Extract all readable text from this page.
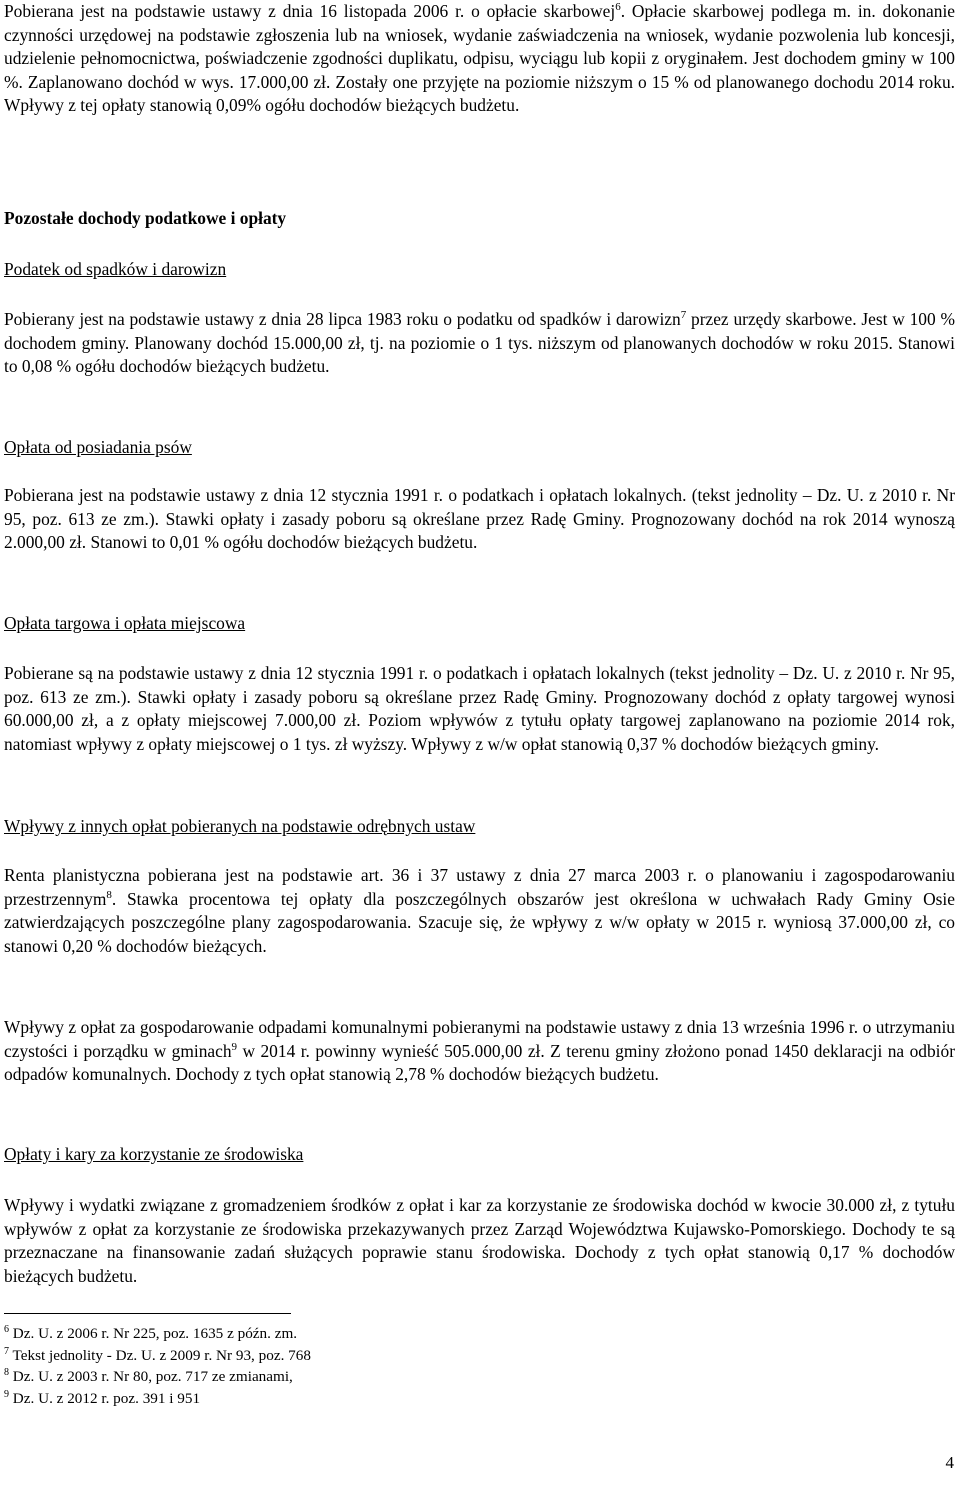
Pobierana jest na podstawie ustawy z dnia 16 listopada 2006 r. o opłacie skarbowej$^6$. Opłacie skarbowej podlega m. in. dokonanie czynności urzędowej na podstawie zgłoszenia lub na wniosek, wydanie zaświadczenia na wniosek, wydanie pozwolenia lub koncesji, udzielenie pełnomocnictwa, poświadczenie zgodności duplikatu, odpisu, wyciągu lub kopii z oryginałem. Jest dochodem gminy w 100 %. Zaplanowano dochód w wys. 17.000,00 zł. Zostały one przyjęte na poziomie niższym o 15 % od planowanego dochodu 2014 roku. Wpływy z tej opłaty stanowią 0,09% ogółu dochodów bieżących budżetu.

Pozostałe dochody podatkowe i opłaty

Podatek od spadków i darowizn

Pobierany jest na podstawie ustawy z dnia 28 lipca 1983 roku o podatku od spadków i darowizn$^7$ przez urzędy skarbowe. Jest w 100 % dochodem gminy. Planowany dochód 15.000,00 zł, tj. na poziomie o 1 tys. niższym od planowanych dochodów w roku 2015. Stanowi to 0,08 % ogółu dochodów bieżących budżetu.

Opłata od posiadania psów

Pobierana jest na podstawie ustawy z dnia 12 stycznia 1991 r. o podatkach i opłatach lokalnych. (tekst jednolity – Dz. U. z 2010 r. Nr 95, poz. 613 ze zm.). Stawki opłaty i zasady poboru są określane przez Radę Gminy. Prognozowany dochód na rok 2014 wynoszą 2.000,00 zł. Stanowi to 0,01 % ogółu dochodów bieżących budżetu.

Opłata targowa i opłata miejscowa

Pobierane są na podstawie ustawy z dnia 12 stycznia 1991 r. o podatkach i opłatach lokalnych (tekst jednolity – Dz. U. z 2010 r. Nr 95, poz. 613 ze zm.). Stawki opłaty i zasady poboru są określane przez Radę Gminy. Prognozowany dochód z opłaty targowej wynosi 60.000,00 zł, a z opłaty miejscowej 7.000,00 zł. Poziom wpływów z tytułu opłaty targowej zaplanowano na poziomie 2014 rok, natomiast wpływy z opłaty miejscowej o 1 tys. zł wyższy. Wpływy z w/w opłat stanowią 0,37 % dochodów bieżących gminy.

Wpływy z innych opłat pobieranych na podstawie odrębnych ustaw

Renta planistyczna pobierana jest na podstawie art. 36 i 37 ustawy z dnia 27 marca 2003 r. o planowaniu i zagospodarowaniu przestrzennym$^8$. Stawka procentowa tej opłaty dla poszczególnych obszarów jest określona w uchwałach Rady Gminy Osie zatwierdzających poszczególne plany zagospodarowania. Szacuje się, że wpływy z w/w opłaty w 2015 r. wyniosą 37.000,00 zł, co stanowi 0,20 % dochodów bieżących.

Wpływy z opłat za gospodarowanie odpadami komunalnymi pobieranymi na podstawie ustawy z dnia 13 września 1996 r. o utrzymaniu czystości i porządku w gminach$^9$ w 2014 r. powinny wynieść 505.000,00 zł. Z terenu gminy złożono ponad 1450 deklaracji na odbiór odpadów komunalnych. Dochody z tych opłat stanowią 2,78 % dochodów bieżących budżetu.

Opłaty i kary za korzystanie ze środowiska

Wpływy i wydatki związane z gromadzeniem środków z opłat i kar za korzystanie ze środowiska dochód w kwocie 30.000 zł, z tytułu wpływów z opłat za korzystanie ze środowiska przekazywanych przez Zarząd Województwa Kujawsko-Pomorskiego. Dochody te są przeznaczane na finansowanie zadań służących poprawie stanu środowiska. Dochody z tych opłat stanowią 0,17 % dochodów bieżących budżetu.

$^6$ Dz. U. z 2006 r. Nr 225, poz. 1635 z późn. zm.

$^7$ Tekst jednolity - Dz. U. z 2009 r. Nr 93, poz. 768

$^8$ Dz. U. z 2003 r. Nr 80, poz. 717 ze zmianami,

$^9$ Dz. U. z 2012 r. poz. 391 i 951

4
